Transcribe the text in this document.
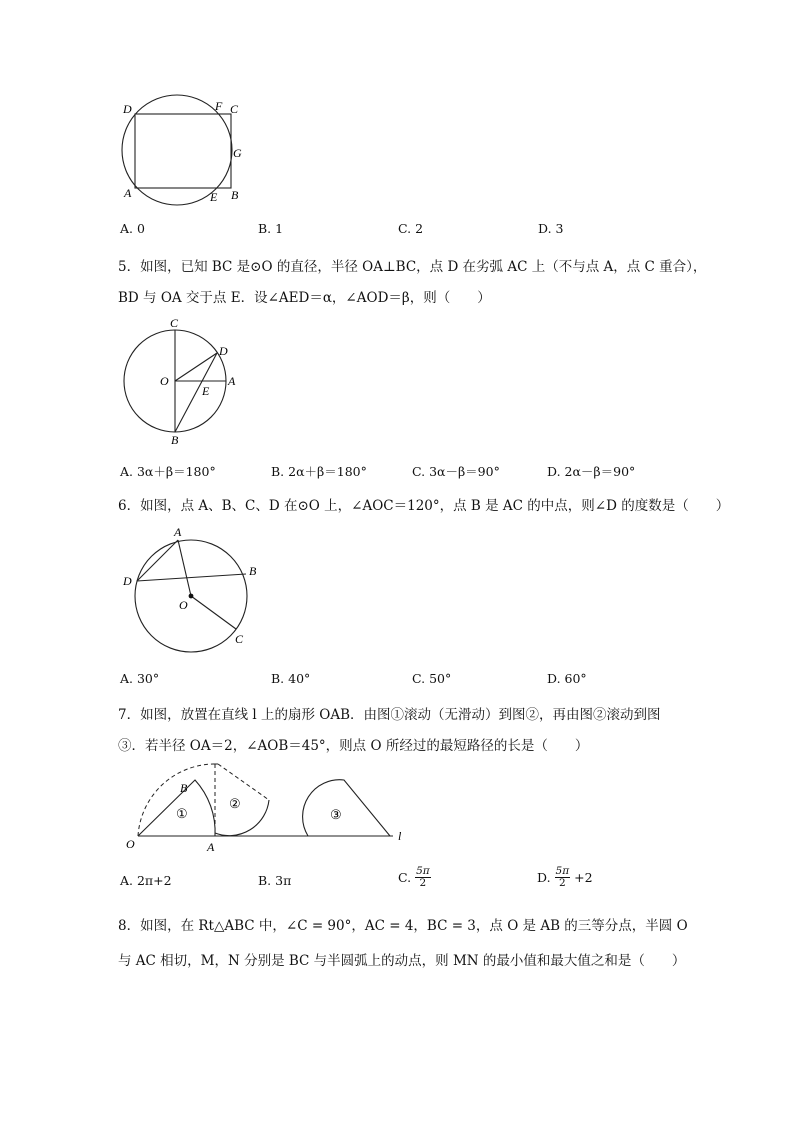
D	F C
G
A	E B
A. 0	B. 1	C. 2	D. 3
5．如图，已知 BC 是⊙O 的直径，半径 OA⊥BC，点 D 在劣弧 AC 上（不与点 A，点 C 重合），
BD 与 OA 交于点 E．设∠AED＝α，∠AOD＝β，则（　　）
C
D
O	A
E
B
A. 3α＋β＝180°	B. 2α＋β＝180°	C. 3α－β＝90°	D. 2α－β＝90°
6．如图，点 A、B、C、D 在⊙O 上，∠AOC＝120°，点 B 是 AC 的中点，则∠D 的度数是（　　）
A
D
B
O
C
A. 30°	B. 40°	C. 50°	D. 60°
7．如图，放置在直线 l 上的扇形 OAB．由图①滚动（无滑动）到图②，再由图②滚动到图
③．若半径 OA＝2，∠AOB＝45°，则点 O 所经过的最短路径的长是（　　）
B
O	A
l
①
②
③
A. 2π+2	B. 3π	C. $\frac{5\pi}{2}$	D. $\frac{5\pi}{2} +2$
8．如图，在 Rt△ABC 中，∠C = 90°，AC = 4，BC = 3，点 O 是 AB 的三等分点，半圆 O
与 AC 相切，M，N 分别是 BC 与半圆弧上的动点，则 MN 的最小值和最大值之和是（　　）
